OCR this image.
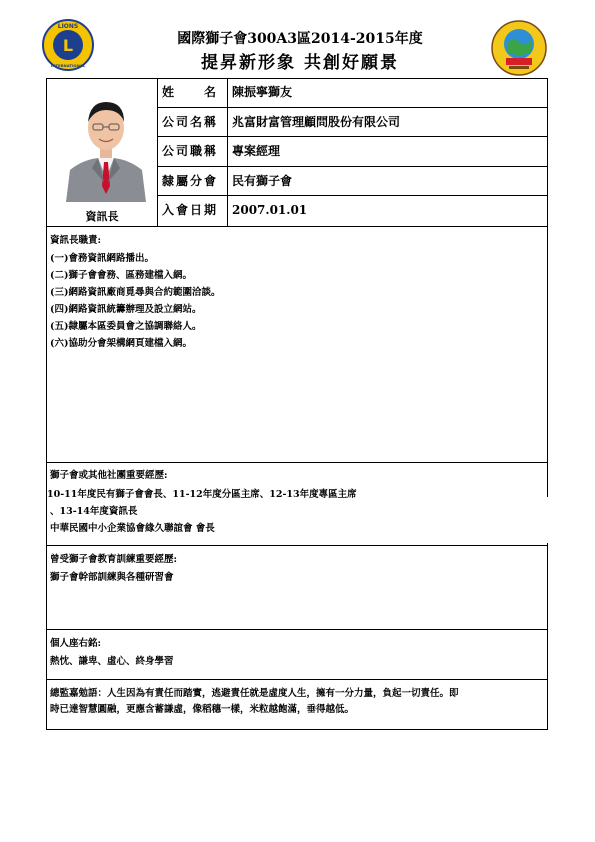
國際獅子會300A3區2014-2015年度
提昇新形象 共創好願景
L
LIONS
INTERNATIONAL
資訊長
姓　　名	陳振寧獅友
公司名稱	兆富財富管理顧問股份有限公司
公司職稱	專案經理
隸屬分會	民有獅子會
入會日期	2007.01.01
資訊長職責:
(一)會務資訊網路播出。
(二)獅子會會務、區務建檔入網。
(三)網路資訊廠商覓尋與合約範圍洽談。
(四)網路資訊統籌辦理及設立網站。
(五)隸屬本區委員會之協調聯絡人。
(六)協助分會架構網頁建檔入網。
獅子會或其他社團重要經歷:
10-11年度民有獅子會會長、11-12年度分區主席、12-13年度專區主席
、13-14年度資訊長
中華民國中小企業協會緣久聯誼會 會長
曾受獅子會教育訓練重要經歷:
獅子會幹部訓練與各種研習會
個人座右銘:
熱忱、謙卑、虛心、終身學習
總監嘉勉語：人生因為有責任而踏實，逃避責任就是虛度人生，擁有一分力量，負起一切責任。即
時已達智慧圓融，更應含蓄謙虛，像稻穗一樣，米粒越飽滿，垂得越低。
